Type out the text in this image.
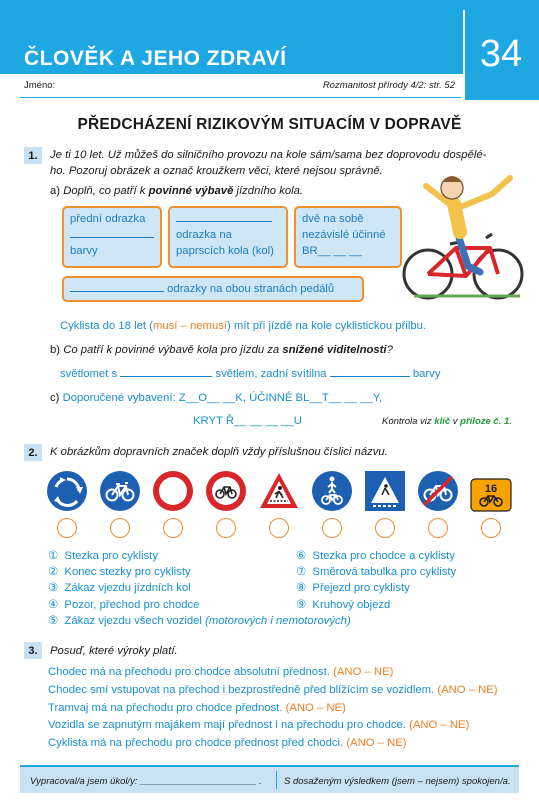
ČLOVĚK A JEHO ZDRAVÍ	34
Jméno:	Rozmanitost přírody 4/2: str. 52
PŘEDCHÁZENÍ RIZIKOVÝM SITUACÍM V DOPRAVĚ
1.	Je ti 10 let. Už můžeš do silničního provozu na kole sám/sama bez doprovodu dospělé-
ho. Pozoruj obrázek a označ kroužkem věci, které nejsou správně.
a) Doplň, co patří k povinné výbavě jízdního kola.
přední odrazka
barvy
odrazka na
paprscích kola (kol)
dvě na sobě
nezávislé účinné
BR__ __ __
odrazky na obou stranách pedálů
Cyklista do 18 let (musí – nemusí) mít při jízdě na kole cyklistickou přilbu.
b) Co patří k povinné výbavě kola pro jízdu za snížené viditelnosti?
světlomet s	světlem, zadní svítilna	barvy
c) Doporučené vybavení: Z__O__ __K, ÚČINNÉ BL__T__ __ __Y,
KRYT Ř__ __ __ __U	Kontrola viz klíč v příloze č. 1.
2.	K obrázkům dopravních značek doplň vždy příslušnou číslici názvu.
16
① Stezka pro cyklisty
② Konec stezky pro cyklisty
③ Zákaz vjezdu jízdních kol
④ Pozor, přechod pro chodce
⑤ Zákaz vjezdu všech vozidel (motorových i nemotorových)
⑥ Stezka pro chodce a cyklisty
⑦ Směrová tabulka pro cyklisty
⑧ Přejezd pro cyklisty
⑨ Kruhový objezd
3.	Posuď, které výroky platí.
Chodec má na přechodu pro chodce absolutní přednost. (ANO – NE)
Chodec smí vstupovat na přechod i bezprostředně před blížícím se vozidlem. (ANO – NE)
Tramvaj má na přechodu pro chodce přednost. (ANO – NE)
Vozidla se zapnutým majákem mají přednost i na přechodu pro chodce. (ANO – NE)
Cyklista má na přechodu pro chodce přednost před chodci. (ANO – NE)
Vypracoval/a jsem úkol/y: ______________________ . S dosaženým výsledkem (jsem – nejsem) spokojen/a.
